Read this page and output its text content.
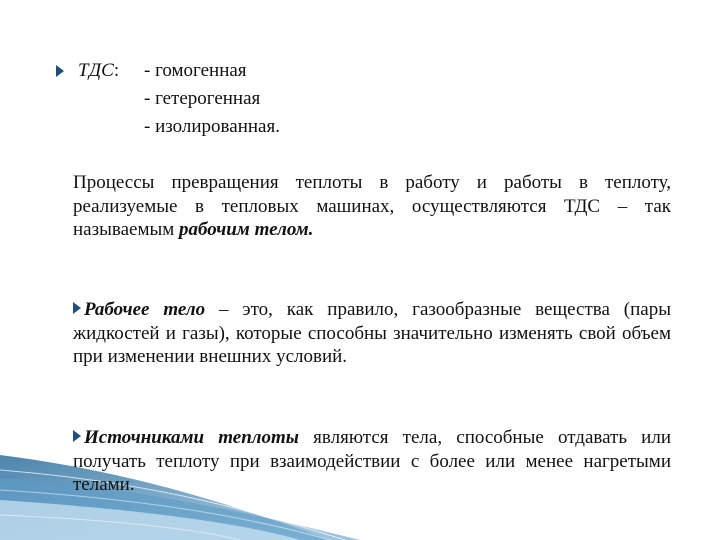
ТДС: - гомогенная
- гетерогенная
- изолированная.
Процессы превращения теплоты в работу и работы в теплоту, реализуемые в тепловых машинах, осуществляются ТДС – так называемым рабочим телом.
Рабочее тело – это, как правило, газообразные вещества (пары жидкостей и газы), которые способны значительно изменять свой объем при изменении внешних условий.
Источниками теплоты являются тела, способные отдавать или получать теплоту при взаимодействии с более или менее нагретыми телами.
